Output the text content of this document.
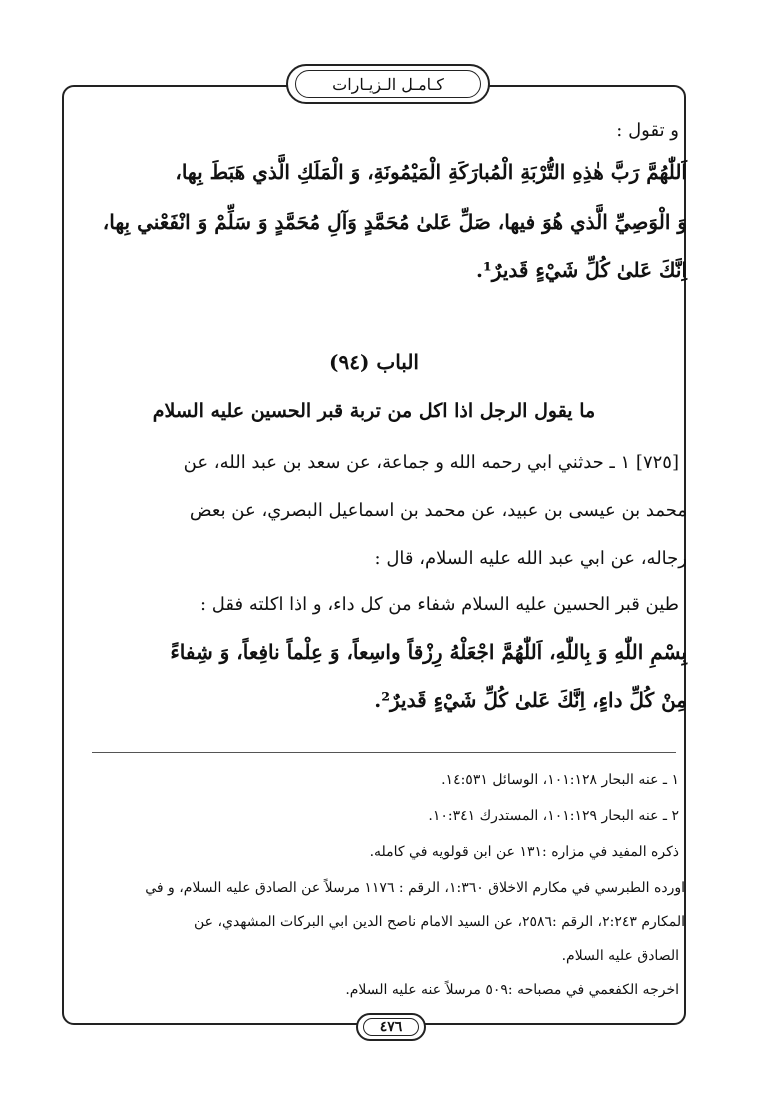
كـامـل الـزيـارات
و تقول :
اَللّٰهُمَّ رَبَّ هٰذِهِ التُّرْبَةِ الْمُبارَكَةِ الْمَيْمُونَةِ، وَ الْمَلَكِ الَّذي هَبَطَ بِها،
وَ الْوَصِيِّ الَّذي هُوَ فيها، صَلِّ عَلىٰ مُحَمَّدٍ وَآلِ مُحَمَّدٍ وَ سَلِّمْ وَ انْفَعْني بِها،
اِنَّكَ عَلىٰ كُلِّ شَيْءٍ قَديرٌ¹.
الباب (٩٤)
ما يقول الرجل اذا اكل من تربة قبر الحسين عليه السلام
[٧٢٥] ١ ـ حدثني ابي رحمه الله و جماعة، عن سعد بن عبد الله، عن
محمد بن عيسى بن عبيد، عن محمد بن اسماعيل البصري، عن بعض
رجاله، عن ابي عبد الله عليه السلام، قال :
طين قبر الحسين عليه السلام شفاء من كل داء، و اذا اكلته فقل :
بِسْمِ اللّٰهِ وَ بِاللّٰهِ، اَللّٰهُمَّ اجْعَلْهُ رِزْقاً واسِعاً، وَ عِلْماً نافِعاً، وَ شِفاءً
مِنْ كُلِّ داءٍ، اِنَّكَ عَلىٰ كُلِّ شَيْءٍ قَديرٌ².
١ ـ عنه البحار ١٠١:١٢٨، الوسائل ١٤:٥٣١.
٢ ـ عنه البحار ١٠١:١٢٩، المستدرك ١٠:٣٤١.
ذكره المفيد في مزاره :١٣١ عن ابن قولويه في كامله.
اورده الطبرسي في مكارم الاخلاق ١:٣٦٠، الرقم : ١١٧٦ مرسلاً عن الصادق عليه السلام، و في
المكارم ٢:٢٤٣، الرقم :٢٥٨٦، عن السيد الامام ناصح الدين ابي البركات المشهدي، عن
الصادق عليه السلام.
اخرجه الكفعمي في مصباحه :٥٠٩ مرسلاً عنه عليه السلام.
٤٧٦
